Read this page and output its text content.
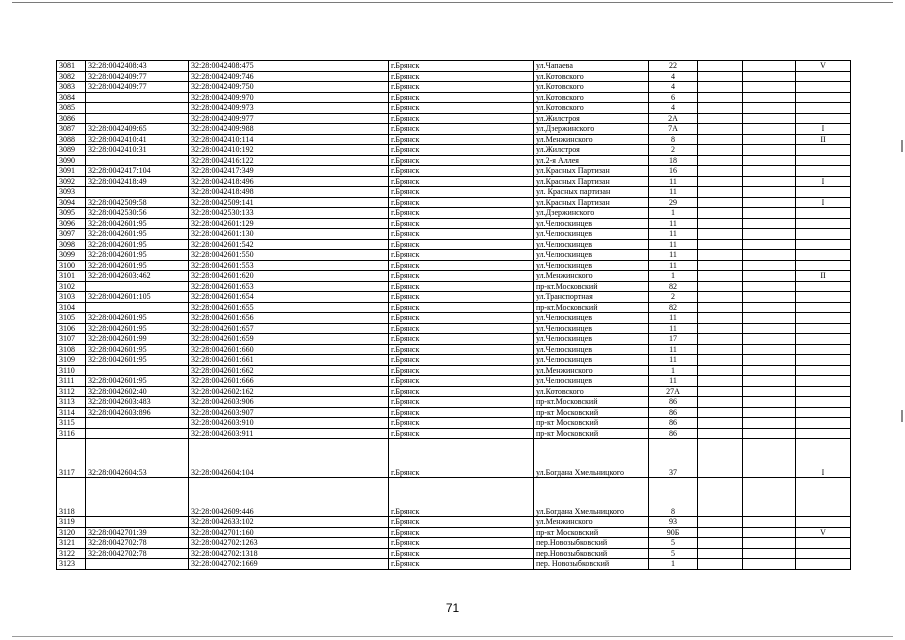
3081	32:28:0042408:43	32:28:0042408:475	г.Брянск	ул.Чапаева	22			V
3082	32:28:0042409:77	32:28:0042409:746	г.Брянск	ул.Котовского	4			
3083	32:28:0042409:77	32:28:0042409:750	г.Брянск	ул.Котовского	4			
3084		32:28:0042409:970	г.Брянск	ул.Котовского	6			
3085		32:28:0042409:973	г.Брянск	ул.Котовского	4			
3086		32:28:0042409:977	г.Брянск	ул.Жилстроя	2А			
3087	32:28:0042409:65	32:28:0042409:988	г.Брянск	ул.Дзержинского	7А			I
3088	32:28:0042410:41	32:28:0042410:114	г.Брянск	ул.Менжинского	8			II
3089	32:28:0042410:31	32:28:0042410:192	г.Брянск	ул.Жилстроя	2			
3090		32:28:0042416:122	г.Брянск	ул.2-я Аллея	18			
3091	32:28:0042417:104	32:28:0042417:349	г.Брянск	ул.Красных Партизан	16			
3092	32:28:0042418:49	32:28:0042418:496	г.Брянск	ул.Красных Партизан	11			I
3093		32:28:0042418:498	г.Брянск	ул. Красных партизан	11			
3094	32:28:0042509:58	32:28:0042509:141	г.Брянск	ул.Красных Партизан	29			I
3095	32:28:0042530:56	32:28:0042530:133	г.Брянск	ул.Дзержинского	1			
3096	32:28:0042601:95	32:28:0042601:129	г.Брянск	ул.Челюскинцев	11			
3097	32:28:0042601:95	32:28:0042601:130	г.Брянск	ул.Челюскинцев	11			
3098	32:28:0042601:95	32:28:0042601:542	г.Брянск	ул.Челюскинцев	11			
3099	32:28:0042601:95	32:28:0042601:550	г.Брянск	ул.Челюскинцев	11			
3100	32:28:0042601:95	32:28:0042601:553	г.Брянск	ул.Челюскинцев	11			
3101	32:28:0042603:462	32:28:0042601:620	г.Брянск	ул.Менжинского	1			II
3102		32:28:0042601:653	г.Брянск	пр-кт.Московский	82			
3103	32:28:0042601:105	32:28:0042601:654	г.Брянск	ул.Транспортная	2			
3104		32:28:0042601:655	г.Брянск	пр-кт.Московский	82			
3105	32:28:0042601:95	32:28:0042601:656	г.Брянск	ул.Челюскинцев	11			
3106	32:28:0042601:95	32:28:0042601:657	г.Брянск	ул.Челюскинцев	11			
3107	32:28:0042601:99	32:28:0042601:659	г.Брянск	ул.Челюскинцев	17			
3108	32:28:0042601:95	32:28:0042601:660	г.Брянск	ул.Челюскинцев	11			
3109	32:28:0042601:95	32:28:0042601:661	г.Брянск	ул.Челюскинцев	11			
3110		32:28:0042601:662	г.Брянск	ул.Менжинского	1			
3111	32:28:0042601:95	32:28:0042601:666	г.Брянск	ул.Челюскинцев	11			
3112	32:28:0042602:40	32:28:0042602:162	г.Брянск	ул.Котовского	27А			
3113	32:28:0042603:483	32:28:0042603:906	г.Брянск	пр-кт.Московский	86			
3114	32:28:0042603:896	32:28:0042603:907	г.Брянск	пр-кт Московский	86			
3115		32:28:0042603:910	г.Брянск	пр-кт Московский	86			
3116		32:28:0042603:911	г.Брянск	пр-кт Московский	86			
3117	32:28:0042604:53	32:28:0042604:104	г.Брянск	ул.Богдана Хмельницкого	37			I
3118		32:28:0042609:446	г.Брянск	ул.Богдана Хмельницкого	8			
3119		32:28:0042633:102	г.Брянск	ул.Менжинского	93			
3120	32:28:0042701:39	32:28:0042701:160	г.Брянск	пр-кт Московский	90Б			V
3121	32:28:0042702:78	32:28:0042702:1263	г.Брянск	пер.Новозыбковский	5			
3122	32:28:0042702:78	32:28:0042702:1318	г.Брянск	пер.Новозыбковский	5			
3123		32:28:0042702:1669	г.Брянск	пер. Новозыбковский	1			
71
